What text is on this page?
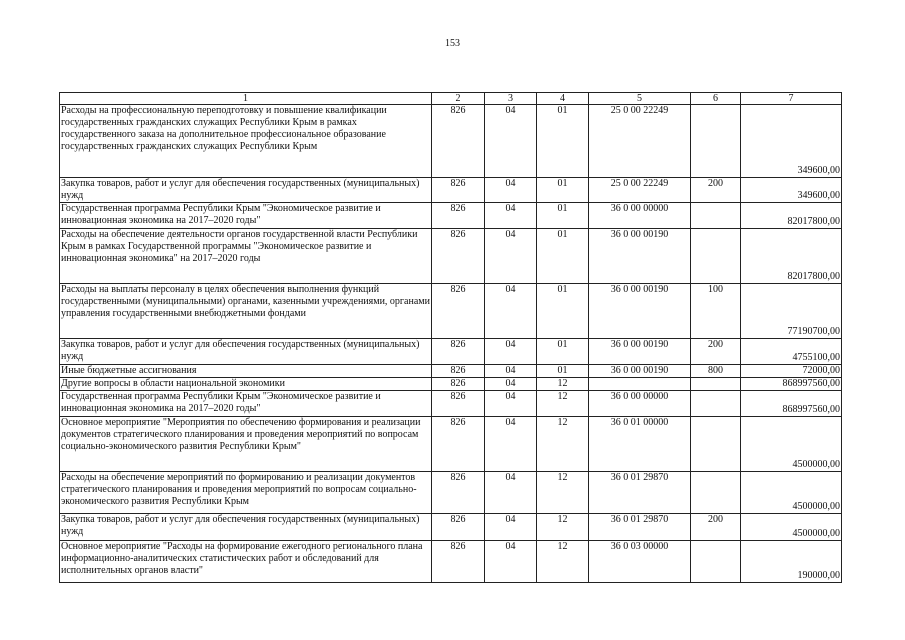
153
1	2	3	4	5	6	7
Расходы на профессиональную переподготовку и повышение квалификации государственных гражданских служащих Республики Крым в рамках государственного заказа на дополнительное профессиональное образование государственных гражданских служащих Республики Крым	826	04	01	25 0 00 22249		349600,00
Закупка товаров, работ и услуг для обеспечения государственных (муниципальных) нужд	826	04	01	25 0 00 22249	200	349600,00
Государственная программа Республики Крым "Экономическое развитие и инновационная экономика на 2017–2020 годы"	826	04	01	36 0 00 00000		82017800,00
Расходы на обеспечение деятельности органов государственной власти Республики Крым в рамках Государственной программы "Экономическое развитие и инновационная экономика" на 2017–2020 годы	826	04	01	36 0 00 00190		82017800,00
Расходы на выплаты персоналу в целях обеспечения выполнения функций государственными (муниципальными) органами, казенными учреждениями, органами управления государственными внебюджетными фондами	826	04	01	36 0 00 00190	100	77190700,00
Закупка товаров, работ и услуг для обеспечения государственных (муниципальных) нужд	826	04	01	36 0 00 00190	200	4755100,00
Иные бюджетные ассигнования	826	04	01	36 0 00 00190	800	72000,00
Другие вопросы в области национальной экономики	826	04	12			868997560,00
Государственная программа Республики Крым "Экономическое развитие и инновационная экономика на 2017–2020 годы"	826	04	12	36 0 00 00000		868997560,00
Основное мероприятие "Мероприятия по обеспечению формирования и реализации документов стратегического планирования и проведения мероприятий по вопросам социально-экономического развития Республики Крым"	826	04	12	36 0 01 00000		4500000,00
Расходы на обеспечение мероприятий по формированию и реализации документов стратегического планирования и проведения мероприятий по вопросам социально-экономического развития Республики Крым	826	04	12	36 0 01 29870		4500000,00
Закупка товаров, работ и услуг для обеспечения государственных (муниципальных) нужд	826	04	12	36 0 01 29870	200	4500000,00
Основное мероприятие "Расходы на формирование ежегодного регионального плана информационно-аналитических статистических работ и обследований для исполнительных органов власти"	826	04	12	36 0 03 00000		190000,00
